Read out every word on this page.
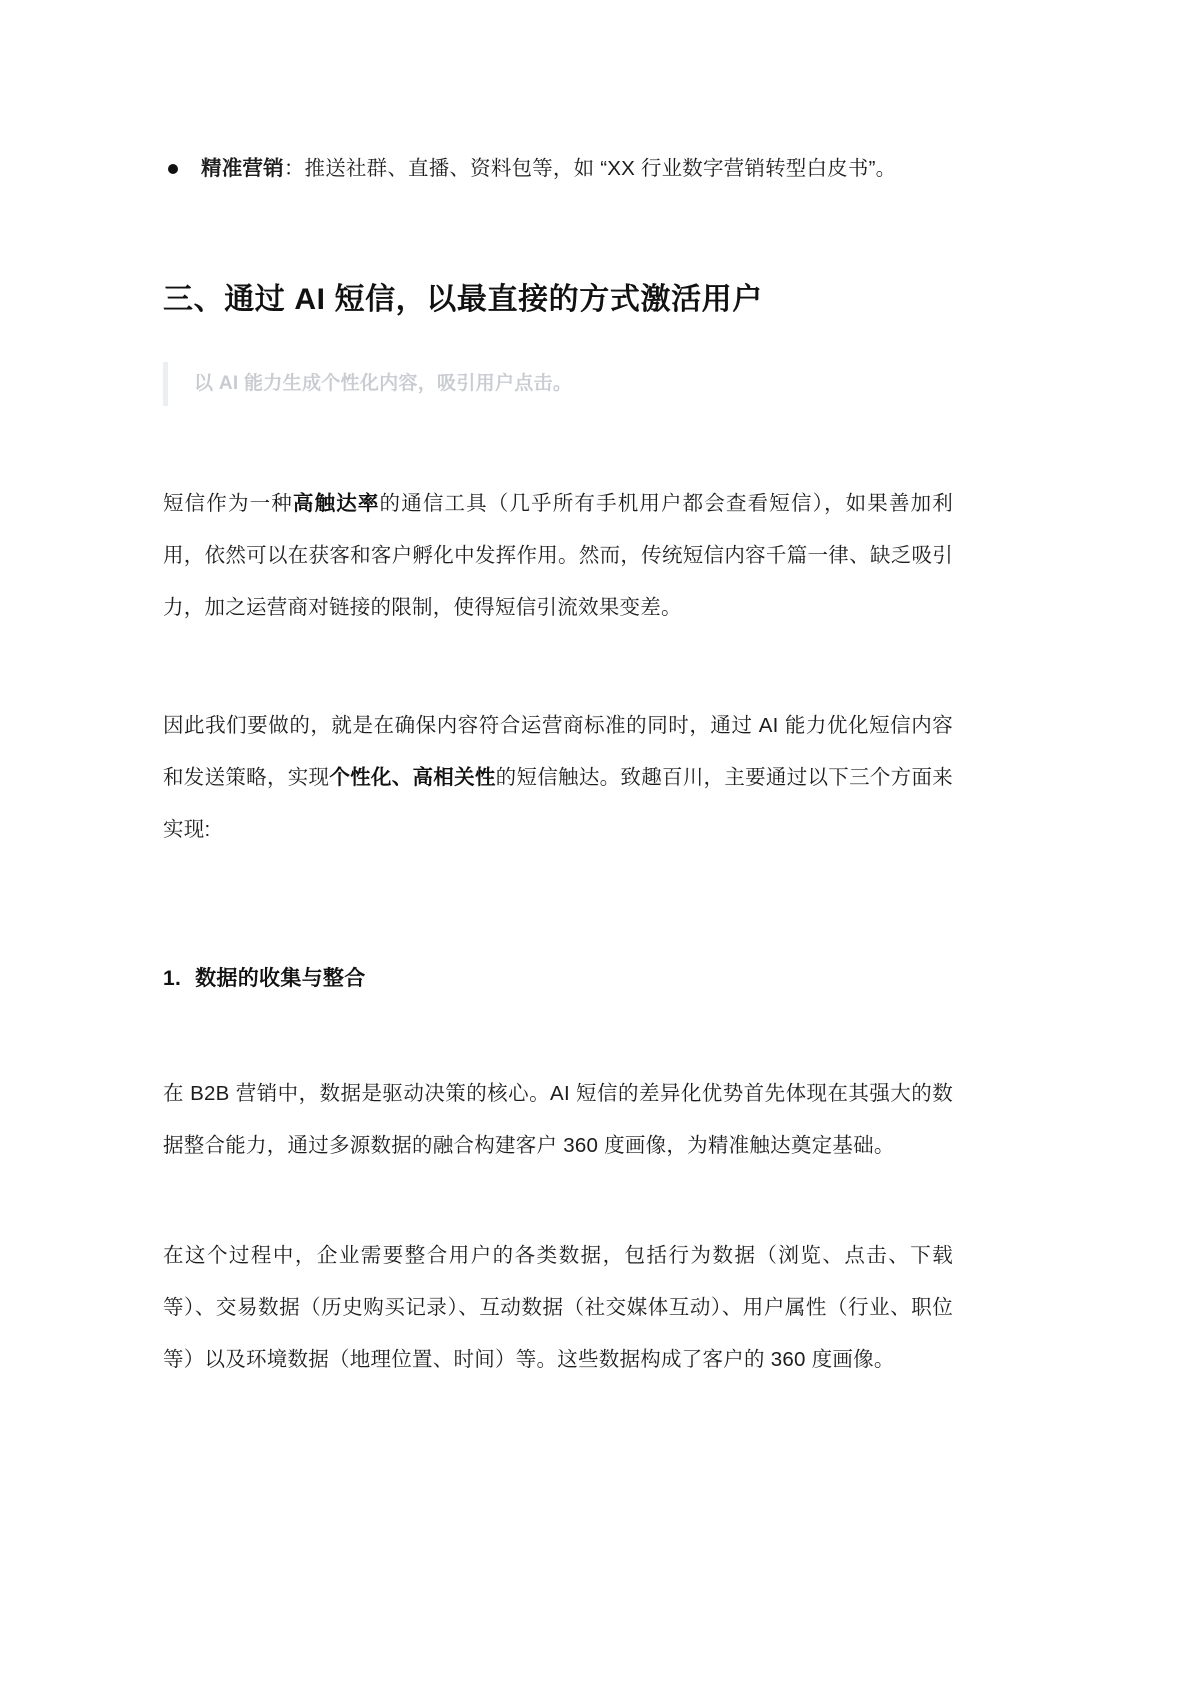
精准营销：推送社群、直播、资料包等，如 “XX 行业数字营销转型白皮书”。
三、通过 AI 短信，以最直接的方式激活用户
以 AI 能力生成个性化内容，吸引用户点击。

短信作为一种高触达率的通信工具（几乎所有手机用户都会查看短信），如果善加利用，依然可以在获客和客户孵化中发挥作用。然而，传统短信内容千篇一律、缺乏吸引力，加之运营商对链接的限制，使得短信引流效果变差。

因此我们要做的，就是在确保内容符合运营商标准的同时，通过 AI 能力优化短信内容和发送策略，实现个性化、高相关性的短信触达。致趣百川，主要通过以下三个方面来实现:

1. 数据的收集与整合

在 B2B 营销中，数据是驱动决策的核心。AI 短信的差异化优势首先体现在其强大的数据整合能力，通过多源数据的融合构建客户 360 度画像，为精准触达奠定基础。

在这个过程中，企业需要整合用户的各类数据，包括行为数据（浏览、点击、下载等）、交易数据（历史购买记录）、互动数据（社交媒体互动）、用户属性（行业、职位等）以及环境数据（地理位置、时间）等。这些数据构成了客户的 360 度画像。
